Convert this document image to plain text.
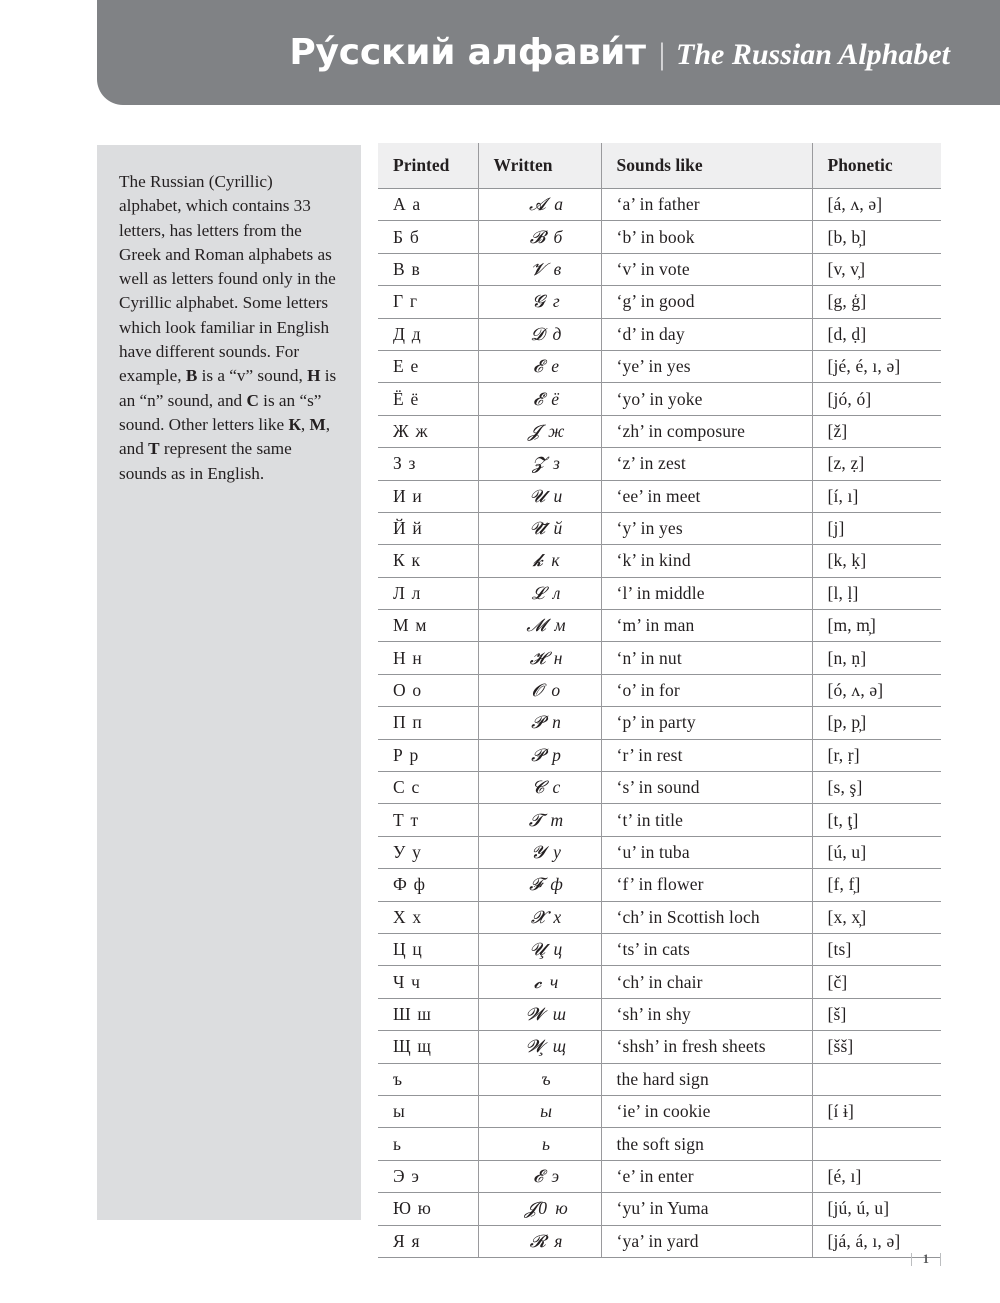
Рýсский алфави́т | The Russian Alphabet

The Russian (Cyrillic) alphabet, which contains 33 letters, has letters from the Greek and Roman alphabets as well as letters found only in the Cyrillic alphabet. Some letters which look familiar in English have different sounds. For example, В is a “v” sound, Н is an “n” sound, and С is an “s” sound. Other letters like К, М, and Т represent the same sounds as in English.

Printed	Written	Sounds like	Phonetic
А а	𝓐 а	‘a’ in father	[á, ʌ, ə]
Б б	𝓑 б	‘b’ in book	[b, b̦]
В в	𝓥 в	‘v’ in vote	[v, v̦]
Г г	𝓖 г	‘g’ in good	[g, ģ]
Д д	𝓓 д	‘d’ in day	[d, ḍ]
Е е	𝓔 е	‘ye’ in yes	[jé, é, ı, ə]
Ё ё	𝓔̈ ё	‘yo’ in yoke	[jó, ó]
Ж ж	𝓙 ж	‘zh’ in composure	[ž]
З з	𝓩 з	‘z’ in zest	[z, ẓ]
И и	𝓤 и	‘ee’ in meet	[í, ı]
Й й	𝓤̆ й	‘y’ in yes	[j]
К к	𝓴 к	‘k’ in kind	[k, ḳ]
Л л	𝓛 л	‘l’ in middle	[l, ḷ]
М м	𝓜 м	‘m’ in man	[m, m̦]
Н н	𝓗 н	‘n’ in nut	[n, ṇ]
О о	𝓞 о	‘o’ in for	[ó, ʌ, ə]
П п	𝓟 п	‘p’ in party	[p, p̦]
Р р	𝓟 р	‘r’ in rest	[r, ṛ]
С с	𝓒 с	‘s’ in sound	[s, ş]
Т т	𝓣 т	‘t’ in title	[t, ţ]
У у	𝓨 у	‘u’ in tuba	[ú, u]
Ф ф	𝓕 ф	‘f’ in flower	[f, f̦]
Х х	𝓧 х	‘ch’ in Scottish loch	[x, x̦]
Ц ц	𝓤̧ ц	‘ts’ in cats	[ts]
Ч ч	𝓬 ч	‘ch’ in chair	[č]
Ш ш	𝓦 ш	‘sh’ in shy	[š]
Щ щ	𝓦̧ щ	‘shsh’ in fresh sheets	[šš]
ъ	ъ	the hard sign	
ы	ы	‘ie’ in cookie	[í ɨ]
ь	ь	the soft sign	
Э э	𝓔 э	‘e’ in enter	[é, ı]
Ю ю	𝓙0 ю	‘yu’ in Yuma	[jú, ú, u]
Я я	𝓡 я	‘ya’ in yard	[já, á, ı, ə]
1
